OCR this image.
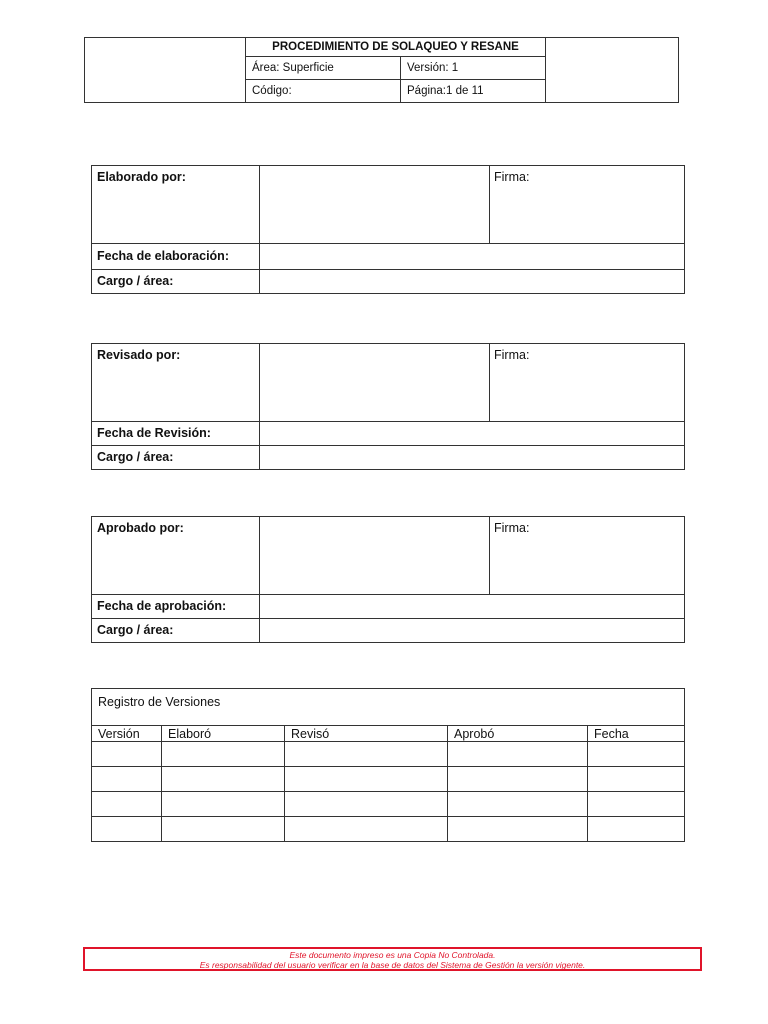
	PROCEDIMIENTO DE SOLAQUEO Y RESANE		
	Área: Superficie	Versión: 1	
	Código:	Página:1 de 11	
Elaborado por:		Firma:
Fecha de elaboración:		
Cargo / área:		
Revisado por:		Firma:
Fecha de Revisión:		
Cargo / área:		
Aprobado por:		Firma:
Fecha de aprobación:		
Cargo / área:		
Registro de Versiones				
Versión	Elaboró	Revisó	Aprobó	Fecha

Este documento impreso es una Copia No Controlada.
Es responsabilidad del usuario verificar en la base de datos del Sistema de Gestión la versión vigente.
